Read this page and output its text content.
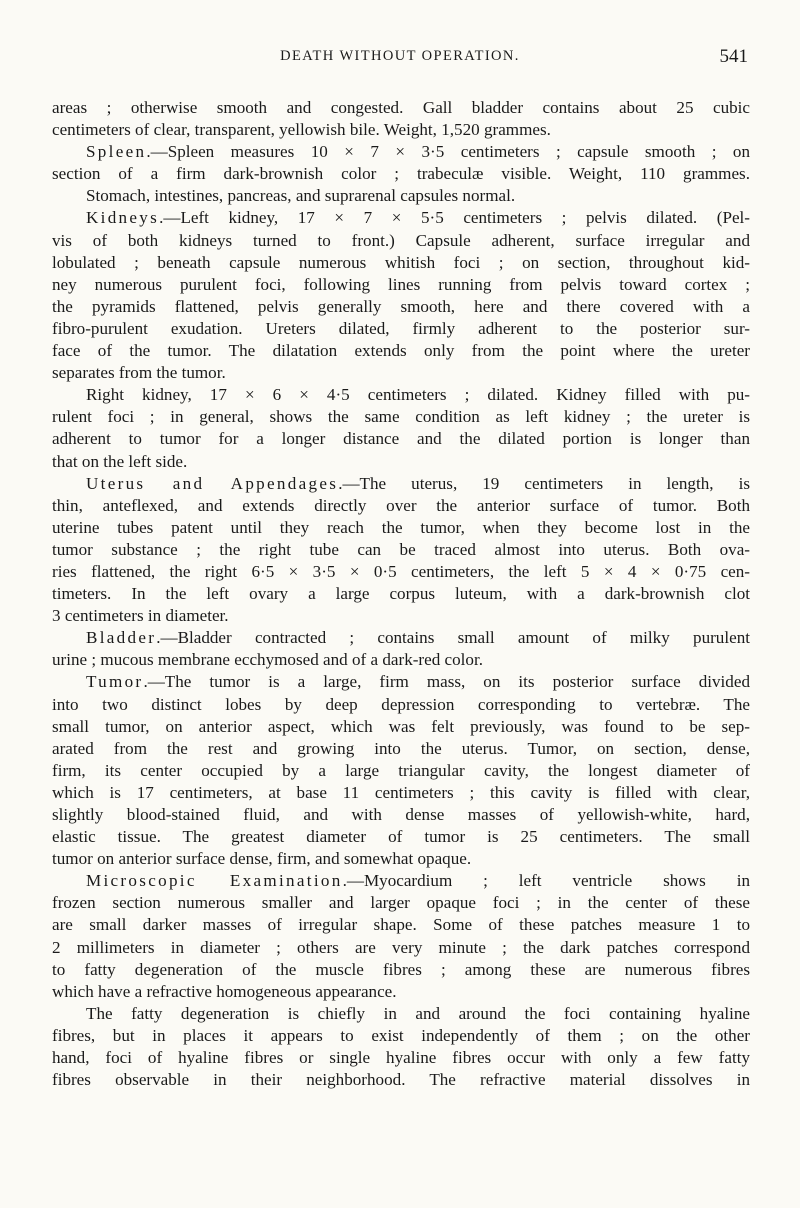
DEATH WITHOUT OPERATION.	541
areas ; otherwise smooth and congested. Gall bladder contains about 25 cubic
centimeters of clear, transparent, yellowish bile. Weight, 1,520 grammes.
Spleen.—Spleen measures 10 × 7 × 3·5 centimeters ; capsule smooth ; on
section of a firm dark-brownish color ; trabeculæ visible. Weight, 110 grammes.
Stomach, intestines, pancreas, and suprarenal capsules normal.
Kidneys.—Left kidney, 17 × 7 × 5·5 centimeters ; pelvis dilated. (Pel-
vis of both kidneys turned to front.) Capsule adherent, surface irregular and
lobulated ; beneath capsule numerous whitish foci ; on section, throughout kid-
ney numerous purulent foci, following lines running from pelvis toward cortex ;
the pyramids flattened, pelvis generally smooth, here and there covered with a
fibro-purulent exudation. Ureters dilated, firmly adherent to the posterior sur-
face of the tumor. The dilatation extends only from the point where the ureter
separates from the tumor.
Right kidney, 17 × 6 × 4·5 centimeters ; dilated. Kidney filled with pu-
rulent foci ; in general, shows the same condition as left kidney ; the ureter is
adherent to tumor for a longer distance and the dilated portion is longer than
that on the left side.
Uterus and Appendages.—The uterus, 19 centimeters in length, is
thin, anteflexed, and extends directly over the anterior surface of tumor. Both
uterine tubes patent until they reach the tumor, when they become lost in the
tumor substance ; the right tube can be traced almost into uterus. Both ova-
ries flattened, the right 6·5 × 3·5 × 0·5 centimeters, the left 5 × 4 × 0·75 cen-
timeters. In the left ovary a large corpus luteum, with a dark-brownish clot
3 centimeters in diameter.
Bladder.—Bladder contracted ; contains small amount of milky purulent
urine ; mucous membrane ecchymosed and of a dark-red color.
Tumor.—The tumor is a large, firm mass, on its posterior surface divided
into two distinct lobes by deep depression corresponding to vertebræ. The
small tumor, on anterior aspect, which was felt previously, was found to be sep-
arated from the rest and growing into the uterus. Tumor, on section, dense,
firm, its center occupied by a large triangular cavity, the longest diameter of
which is 17 centimeters, at base 11 centimeters ; this cavity is filled with clear,
slightly blood-stained fluid, and with dense masses of yellowish-white, hard,
elastic tissue. The greatest diameter of tumor is 25 centimeters. The small
tumor on anterior surface dense, firm, and somewhat opaque.
Microscopic Examination.—Myocardium ; left ventricle shows in
frozen section numerous smaller and larger opaque foci ; in the center of these
are small darker masses of irregular shape. Some of these patches measure 1 to
2 millimeters in diameter ; others are very minute ; the dark patches correspond
to fatty degeneration of the muscle fibres ; among these are numerous fibres
which have a refractive homogeneous appearance.
The fatty degeneration is chiefly in and around the foci containing hyaline
fibres, but in places it appears to exist independently of them ; on the other
hand, foci of hyaline fibres or single hyaline fibres occur with only a few fatty
fibres observable in their neighborhood. The refractive material dissolves in
